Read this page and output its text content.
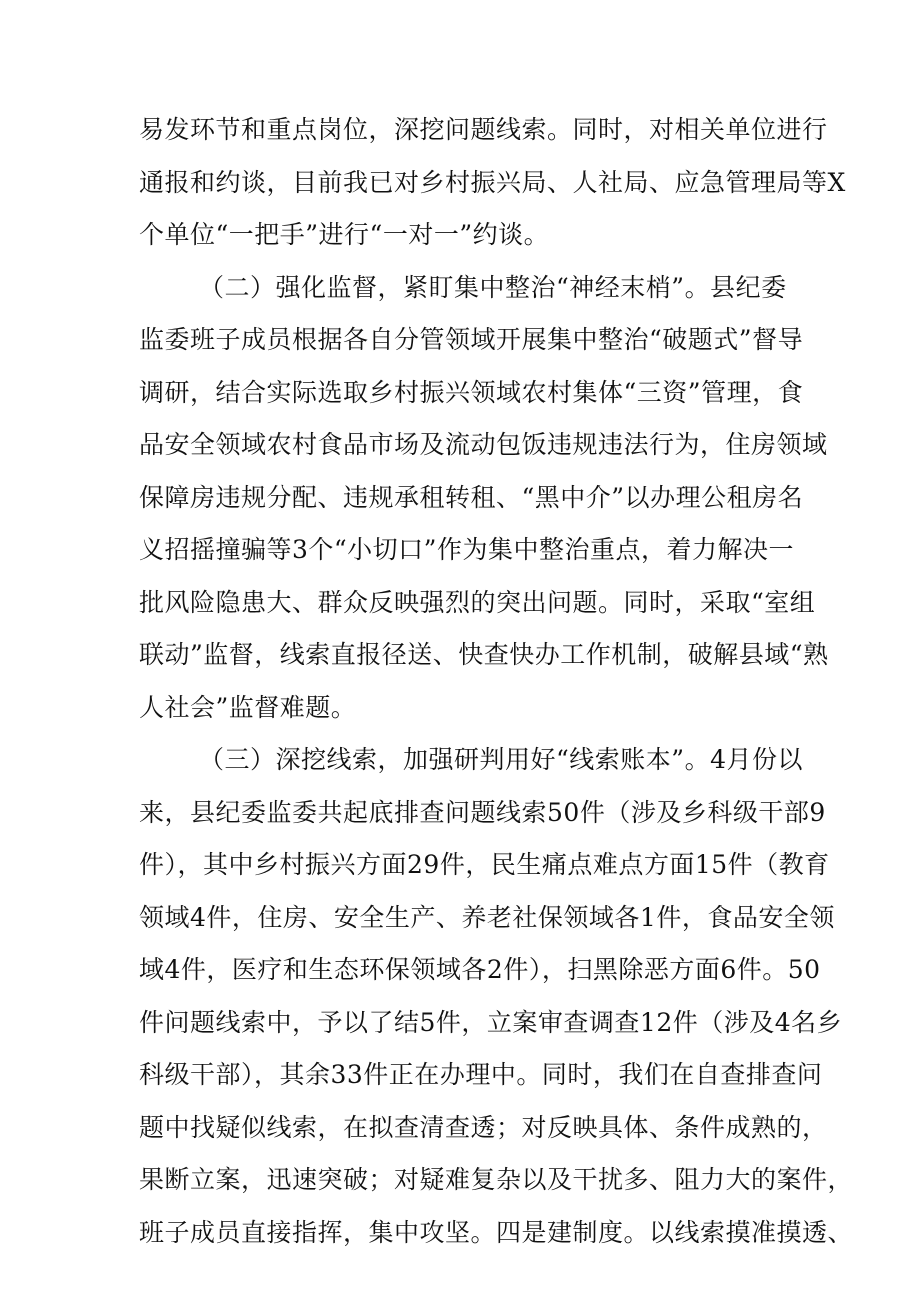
易发环节和重点岗位，深挖问题线索。同时，对相关单位进行
通报和约谈，目前我已对乡村振兴局、人社局、应急管理局等X
个单位“一把手”进行“一对一”约谈。
（二）强化监督，紧盯集中整治“神经末梢”。县纪委
监委班子成员根据各自分管领域开展集中整治“破题式”督导
调研，结合实际选取乡村振兴领域农村集体“三资”管理，食
品安全领域农村食品市场及流动包饭违规违法行为，住房领域
保障房违规分配、违规承租转租、“黑中介”以办理公租房名
义招摇撞骗等3个“小切口”作为集中整治重点，着力解决一
批风险隐患大、群众反映强烈的突出问题。同时，采取“室组
联动”监督，线索直报径送、快查快办工作机制，破解县域“熟
人社会”监督难题。
（三）深挖线索，加强研判用好“线索账本”。4月份以
来，县纪委监委共起底排查问题线索50件（涉及乡科级干部9
件），其中乡村振兴方面29件，民生痛点难点方面15件（教育
领域4件，住房、安全生产、养老社保领域各1件，食品安全领
域4件，医疗和生态环保领域各2件），扫黑除恶方面6件。50
件问题线索中，予以了结5件，立案审查调查12件（涉及4名乡
科级干部），其余33件正在办理中。同时，我们在自查排查问
题中找疑似线索，在拟查清查透；对反映具体、条件成熟的，
果断立案，迅速突破；对疑难复杂以及干扰多、阻力大的案件，
班子成员直接指挥，集中攻坚。四是建制度。以线索摸准摸透、
